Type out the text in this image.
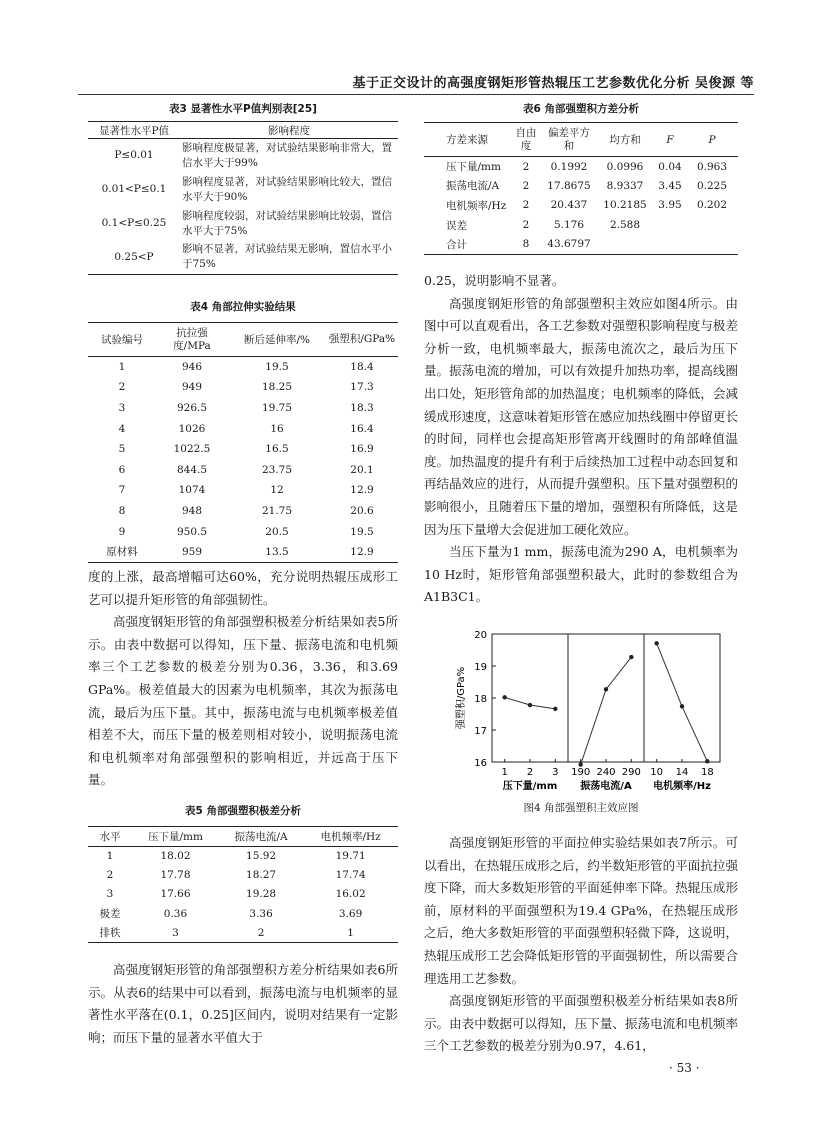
基于正交设计的高强度钢矩形管热辊压工艺参数优化分析 吴俊源 等

表3 显著性水平P值判别表[25]

显著性水平P值	影响程度
P≤0.01	影响程度极显著，对试验结果影响非常大，置信水平大于99%
0.01<P≤0.1	影响程度显著，对试验结果影响比较大，置信水平大于90%
0.1<P≤0.25	影响程度较弱，对试验结果影响比较弱，置信水平大于75%
0.25<P	影响不显著，对试验结果无影响，置信水平小于75%

表4 角部拉伸实验结果

试验编号	抗拉强度/MPa	断后延伸率/%	强塑积/GPa%
1	946	19.5	18.4
2	949	18.25	17.3
3	926.5	19.75	18.3
4	1026	16	16.4
5	1022.5	16.5	16.9
6	844.5	23.75	20.1
7	1074	12	12.9
8	948	21.75	20.6
9	950.5	20.5	19.5
原材料	959	13.5	12.9

度的上涨，最高增幅可达60%，充分说明热辊压成形工艺可以提升矩形管的角部强韧性。

高强度钢矩形管的角部强塑积极差分析结果如表5所示。由表中数据可以得知，压下量、振荡电流和电机频率三个工艺参数的极差分别为0.36，3.36，和3.69 GPa%。极差值最大的因素为电机频率，其次为振荡电流，最后为压下量。其中，振荡电流与电机频率极差值相差不大，而压下量的极差则相对较小，说明振荡电流和电机频率对角部强塑积的影响相近，并远高于压下量。

表5 角部强塑积极差分析

水平	压下量/mm	振荡电流/A	电机频率/Hz
1	18.02	15.92	19.71
2	17.78	18.27	17.74
3	17.66	19.28	16.02
极差	0.36	3.36	3.69
排秩	3	2	1

高强度钢矩形管的角部强塑积方差分析结果如表6所示。从表6的结果中可以看到，振荡电流与电机频率的显著性水平落在(0.1，0.25]区间内，说明对结果有一定影响；而压下量的显著水平值大于

表6 角部强塑积方差分析

方差来源	自由度	偏差平方和	均方和	F	P
压下量/mm	2	0.1992	0.0996	0.04	0.963
振荡电流/A	2	17.8675	8.9337	3.45	0.225
电机频率/Hz	2	20.437	10.2185	3.95	0.202
误差	2	5.176	2.588		
合计	8	43.6797			

0.25，说明影响不显著。

高强度钢矩形管的角部强塑积主效应如图4所示。由图中可以直观看出，各工艺参数对强塑积影响程度与极差分析一致，电机频率最大，振荡电流次之，最后为压下量。振荡电流的增加，可以有效提升加热功率，提高线圈出口处，矩形管角部的加热温度；电机频率的降低，会减缓成形速度，这意味着矩形管在感应加热线圈中停留更长的时间，同样也会提高矩形管离开线圈时的角部峰值温度。加热温度的提升有利于后续热加工过程中动态回复和再结晶效应的进行，从而提升强塑积。压下量对强塑积的影响很小，且随着压下量的增加，强塑积有所降低，这是因为压下量增大会促进加工硬化效应。

当压下量为1 mm，振荡电流为290 A，电机频率为10 Hz时，矩形管角部强塑积最大，此时的参数组合为A1B3C1。

16
17
18
19
20
强塑积/GPa%
1 2 3
压下量/mm
190 240 290
振荡电流/A
10 14 18
电机频率/Hz

图4 角部强塑积主效应图

高强度钢矩形管的平面拉伸实验结果如表7所示。可以看出，在热辊压成形之后，约半数矩形管的平面抗拉强度下降，而大多数矩形管的平面延伸率下降。热辊压成形前，原材料的平面强塑积为19.4 GPa%，在热辊压成形之后，绝大多数矩形管的平面强塑积轻微下降，这说明，热辊压成形工艺会降低矩形管的平面强韧性，所以需要合理选用工艺参数。

高强度钢矩形管的平面强塑积极差分析结果如表8所示。由表中数据可以得知，压下量、振荡电流和电机频率三个工艺参数的极差分别为0.97，4.61，

· 53 ·
